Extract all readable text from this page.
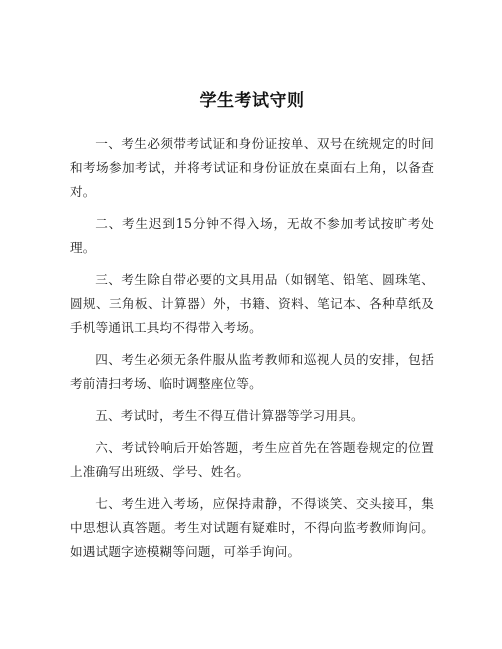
学生考试守则

一、考生必须带考试证和身份证按单、双号在统规定的时间和考场参加考试，并将考试证和身份证放在桌面右上角，以备查对。

二、考生迟到15分钟不得入场，无故不参加考试按旷考处理。

三、考生除自带必要的文具用品（如钢笔、铅笔、圆珠笔、圆规、三角板、计算器）外，书籍、资料、笔记本、各种草纸及手机等通讯工具均不得带入考场。

四、考生必须无条件服从监考教师和巡视人员的安排，包括考前清扫考场、临时调整座位等。

五、考试时，考生不得互借计算器等学习用具。

六、考试铃响后开始答题，考生应首先在答题卷规定的位置上准确写出班级、学号、姓名。

七、考生进入考场，应保持肃静，不得谈笑、交头接耳，集中思想认真答题。考生对试题有疑难时，不得向监考教师询问。如遇试题字迹模糊等问题，可举手询问。
